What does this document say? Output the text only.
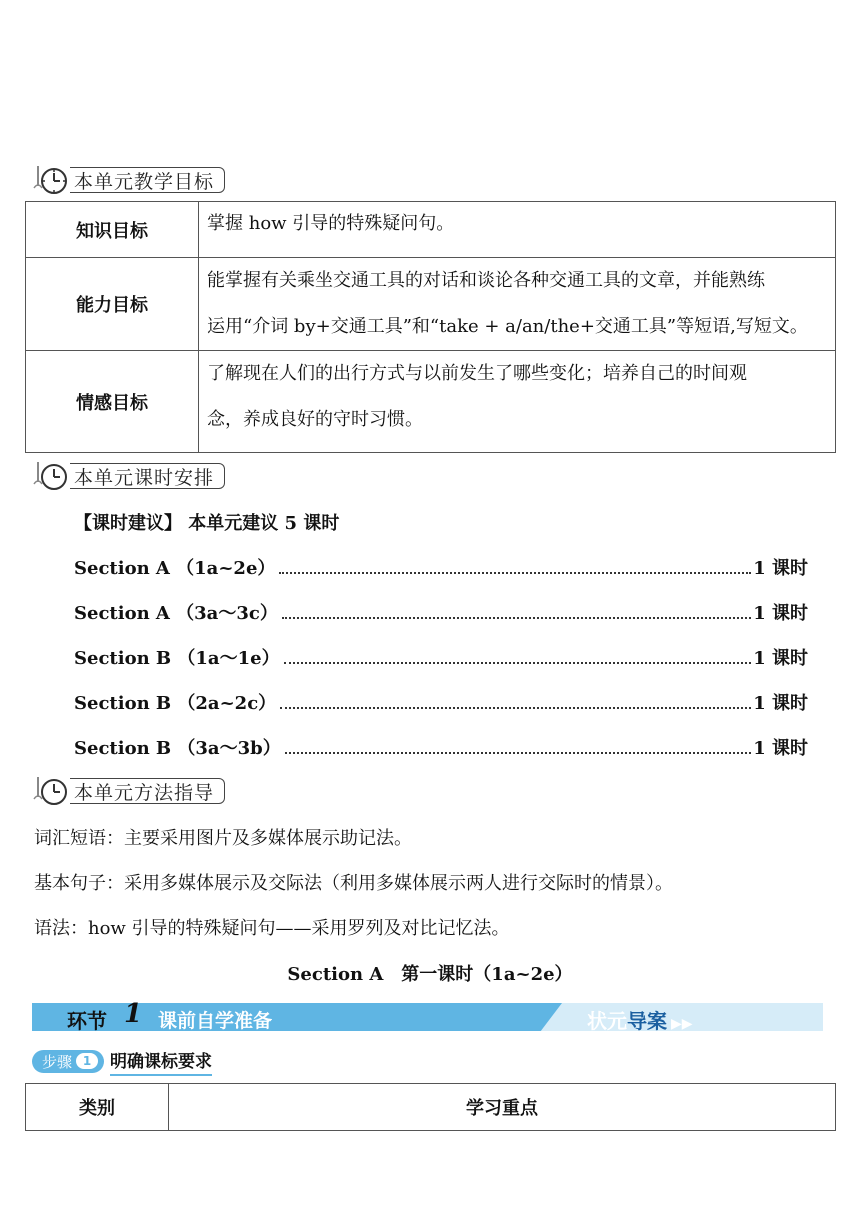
本单元教学目标
知识目标	掌握 how 引导的特殊疑问句。

能力目标	能掌握有关乘坐交通工具的对话和谈论各种交通工具的文章，并能熟练
运用“介词 by+交通工具”和“take + a/an/the+交通工具”等短语,写短文。

情感目标	了解现在人们的出行方式与以前发生了哪些变化；培养自己的时间观
念，养成良好的守时习惯。
本单元课时安排
【课时建议】 本单元建议 5 课时
Section A （1a~2e）	1 课时
Section A （3a～3c）	1 课时
Section B （1a～1e）	1 课时
Section B （2a~2c）	1 课时
Section B （3a～3b）	1 课时
本单元方法指导
词汇短语：主要采用图片及多媒体展示助记法。
基本句子：采用多媒体展示及交际法（利用多媒体展示两人进行交际时的情景）。
语法：how 引导的特殊疑问句——采用罗列及对比记忆法。
Section A　第一课时（1a~2e）
环节 1 课前自学准备	状元导案 ▶▶
步骤 1	明确课标要求
类别	学习重点
